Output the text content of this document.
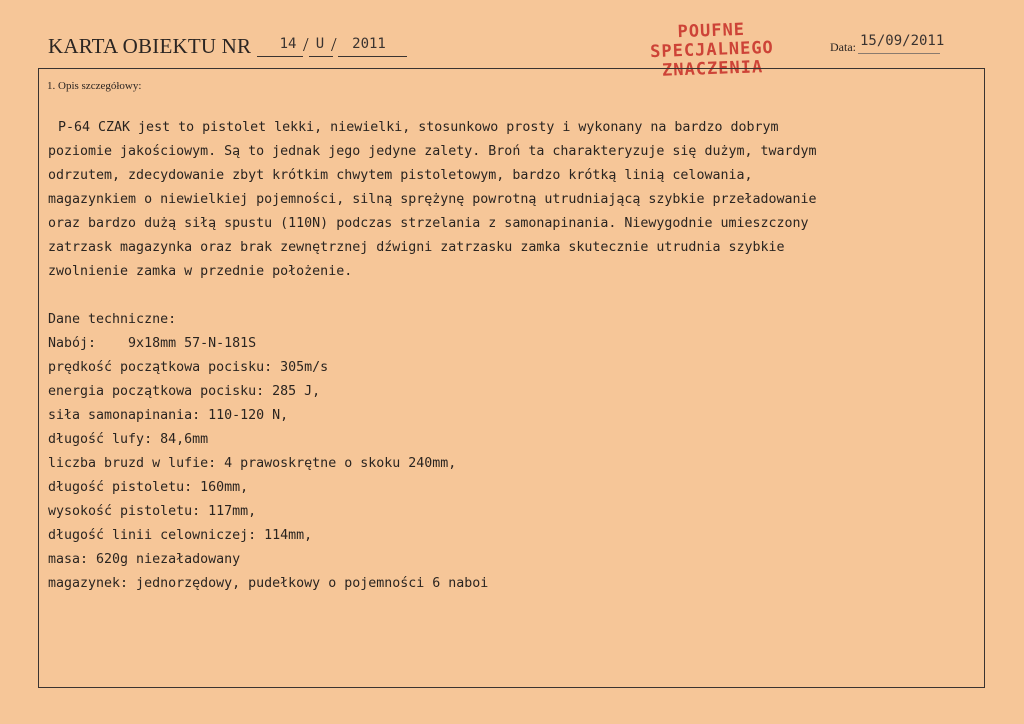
KARTA OBIEKTU NR	14 / U /	2011
POUFNE
SPECJALNEGO
ZNACZENIA
Data: 15/09/2011
1. Opis szczegółowy:
P-64 CZAK jest to pistolet lekki, niewielki, stosunkowo prosty i wykonany na bardzo dobrym
poziomie jakościowym. Są to jednak jego jedyne zalety. Broń ta charakteryzuje się dużym, twardym
odrzutem, zdecydowanie zbyt krótkim chwytem pistoletowym, bardzo krótką linią celowania,
magazynkiem o niewielkiej pojemności, silną sprężynę powrotną utrudniającą szybkie przeładowanie
oraz bardzo dużą siłą spustu (110N) podczas strzelania z samonapinania. Niewygodnie umieszczony
zatrzask magazynka oraz brak zewnętrznej dźwigni zatrzasku zamka skutecznie utrudnia szybkie
zwolnienie zamka w przednie położenie.
Dane techniczne:
Nabój:    9x18mm 57-N-181S
prędkość początkowa pocisku: 305m/s
energia początkowa pocisku: 285 J,
siła samonapinania: 110-120 N,
długość lufy: 84,6mm
liczba bruzd w lufie: 4 prawoskrętne o skoku 240mm,
długość pistoletu: 160mm,
wysokość pistoletu: 117mm,
długość linii celowniczej: 114mm,
masa: 620g niezaładowany
magazynek: jednorzędowy, pudełkowy o pojemności 6 naboi
